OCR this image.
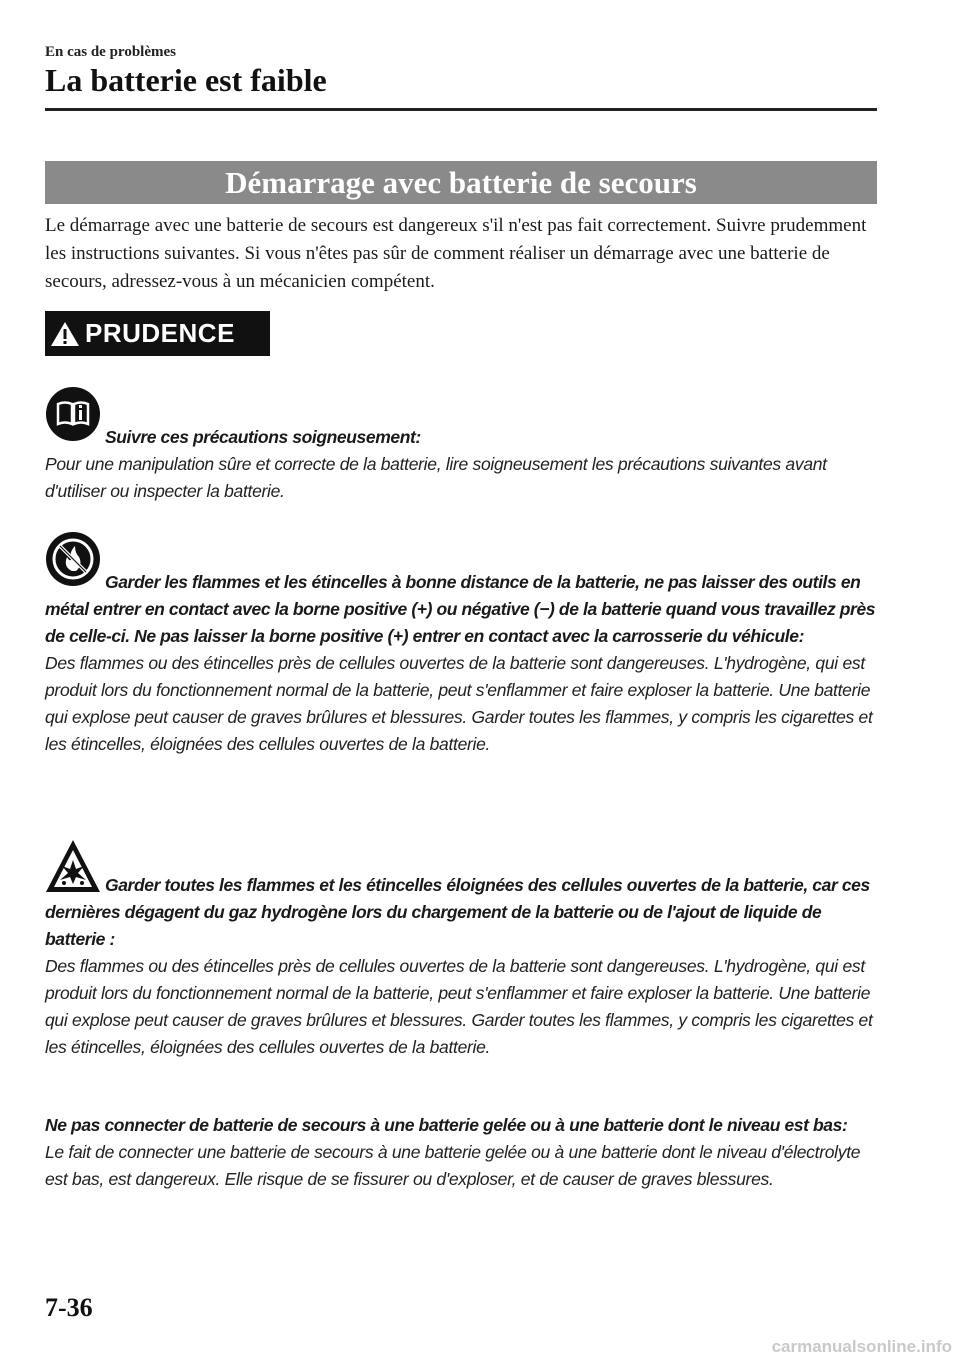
En cas de problèmes
La batterie est faible
Démarrage avec batterie de secours
Le démarrage avec une batterie de secours est dangereux s'il n'est pas fait correctement. Suivre prudemment les instructions suivantes. Si vous n'êtes pas sûr de comment réaliser un démarrage avec une batterie de secours, adressez-vous à un mécanicien compétent.
PRUDENCE
Suivre ces précautions soigneusement:
Pour une manipulation sûre et correcte de la batterie, lire soigneusement les précautions suivantes avant d'utiliser ou inspecter la batterie.
Garder les flammes et les étincelles à bonne distance de la batterie, ne pas laisser des outils en métal entrer en contact avec la borne positive (+) ou négative (−) de la batterie quand vous travaillez près de celle-ci. Ne pas laisser la borne positive (+) entrer en contact avec la carrosserie du véhicule:
Des flammes ou des étincelles près de cellules ouvertes de la batterie sont dangereuses. L'hydrogène, qui est produit lors du fonctionnement normal de la batterie, peut s'enflammer et faire exploser la batterie. Une batterie qui explose peut causer de graves brûlures et blessures. Garder toutes les flammes, y compris les cigarettes et les étincelles, éloignées des cellules ouvertes de la batterie.
Garder toutes les flammes et les étincelles éloignées des cellules ouvertes de la batterie, car ces dernières dégagent du gaz hydrogène lors du chargement de la batterie ou de l'ajout de liquide de batterie :
Des flammes ou des étincelles près de cellules ouvertes de la batterie sont dangereuses. L'hydrogène, qui est produit lors du fonctionnement normal de la batterie, peut s'enflammer et faire exploser la batterie. Une batterie qui explose peut causer de graves brûlures et blessures. Garder toutes les flammes, y compris les cigarettes et les étincelles, éloignées des cellules ouvertes de la batterie.
Ne pas connecter de batterie de secours à une batterie gelée ou à une batterie dont le niveau est bas:
Le fait de connecter une batterie de secours à une batterie gelée ou à une batterie dont le niveau d'électrolyte est bas, est dangereux. Elle risque de se fissurer ou d'exploser, et de causer de graves blessures.
7-36
carmanualsonline.info
